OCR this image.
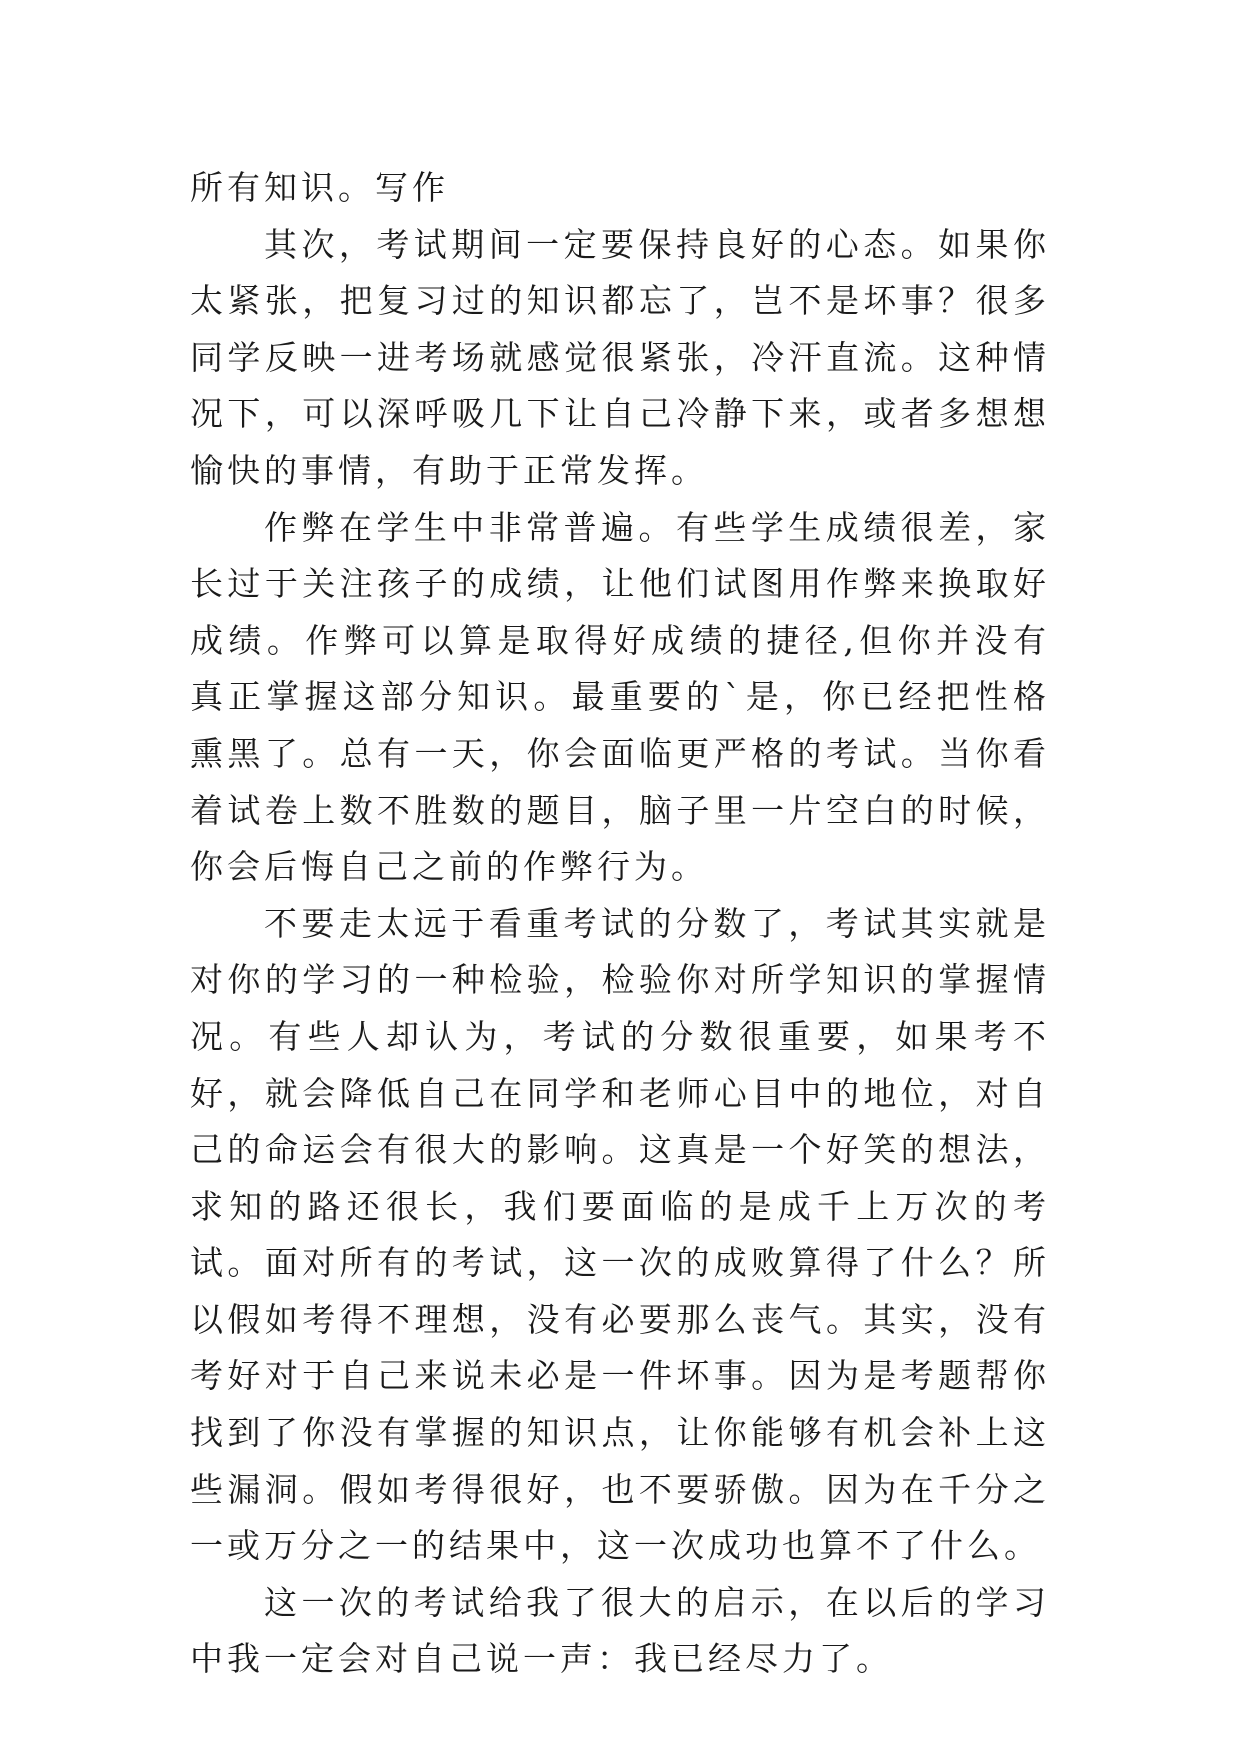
所有知识。写作

其次，考试期间一定要保持良好的心态。如果你太紧张，把复习过的知识都忘了，岂不是坏事？很多同学反映一进考场就感觉很紧张，冷汗直流。这种情况下，可以深呼吸几下让自己冷静下来，或者多想想愉快的事情，有助于正常发挥。

作弊在学生中非常普遍。有些学生成绩很差，家长过于关注孩子的成绩，让他们试图用作弊来换取好成绩。作弊可以算是取得好成绩的捷径,但你并没有真正掌握这部分知识。最重要的`是，你已经把性格熏黑了。总有一天，你会面临更严格的考试。当你看着试卷上数不胜数的题目，脑子里一片空白的时候，你会后悔自己之前的作弊行为。

不要走太远于看重考试的分数了，考试其实就是对你的学习的一种检验，检验你对所学知识的掌握情况。有些人却认为，考试的分数很重要，如果考不好，就会降低自己在同学和老师心目中的地位，对自己的命运会有很大的影响。这真是一个好笑的想法，求知的路还很长，我们要面临的是成千上万次的考试。面对所有的考试，这一次的成败算得了什么？所以假如考得不理想，没有必要那么丧气。其实，没有考好对于自己来说未必是一件坏事。因为是考题帮你找到了你没有掌握的知识点，让你能够有机会补上这些漏洞。假如考得很好，也不要骄傲。因为在千分之一或万分之一的结果中，这一次成功也算不了什么。

这一次的考试给我了很大的启示，在以后的学习中我一定会对自己说一声：我已经尽力了。
